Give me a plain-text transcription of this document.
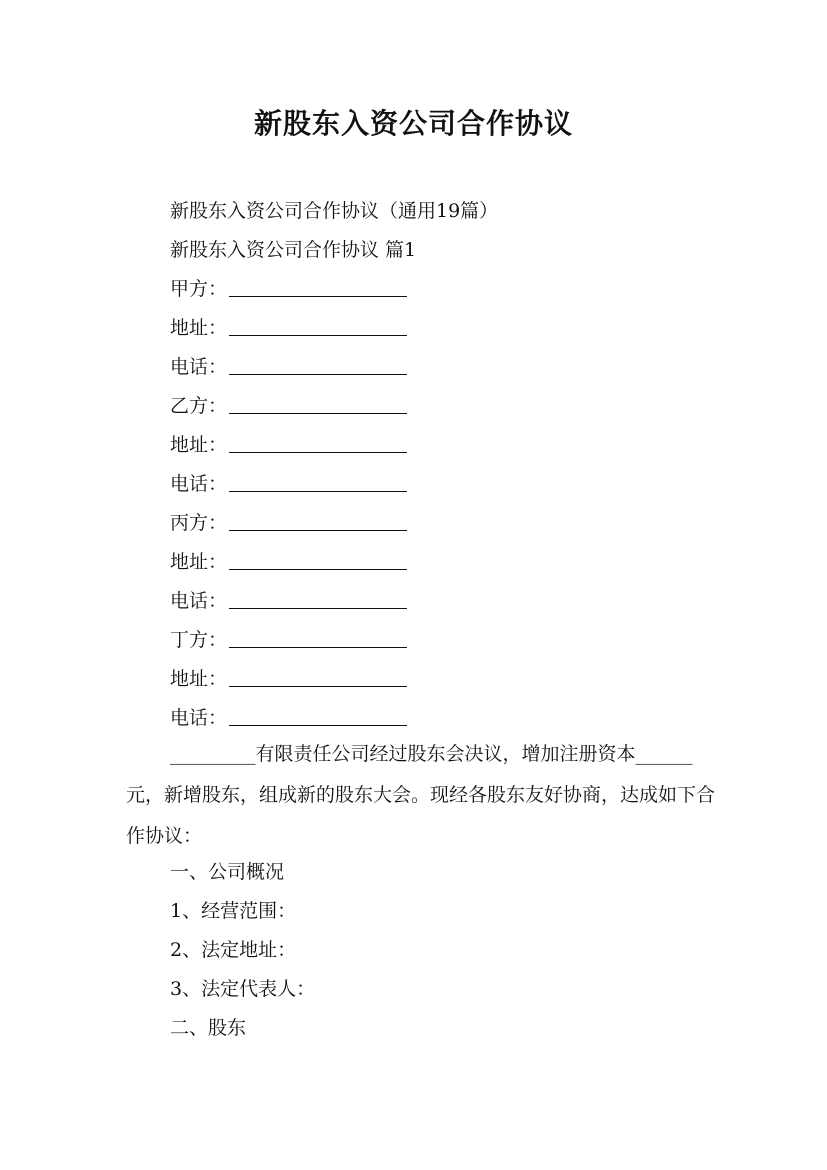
新股东入资公司合作协议
新股东入资公司合作协议（通用19篇）
新股东入资公司合作协议 篇1
甲方：
地址：
电话：
乙方：
地址：
电话：
丙方：
地址：
电话：
丁方：
地址：
电话：
_________有限责任公司经过股东会决议，增加注册资本______元，新增股东，组成新的股东大会。现经各股东友好协商，达成如下合作协议：
一、公司概况
1、经营范围：
2、法定地址：
3、法定代表人：
二、股东
